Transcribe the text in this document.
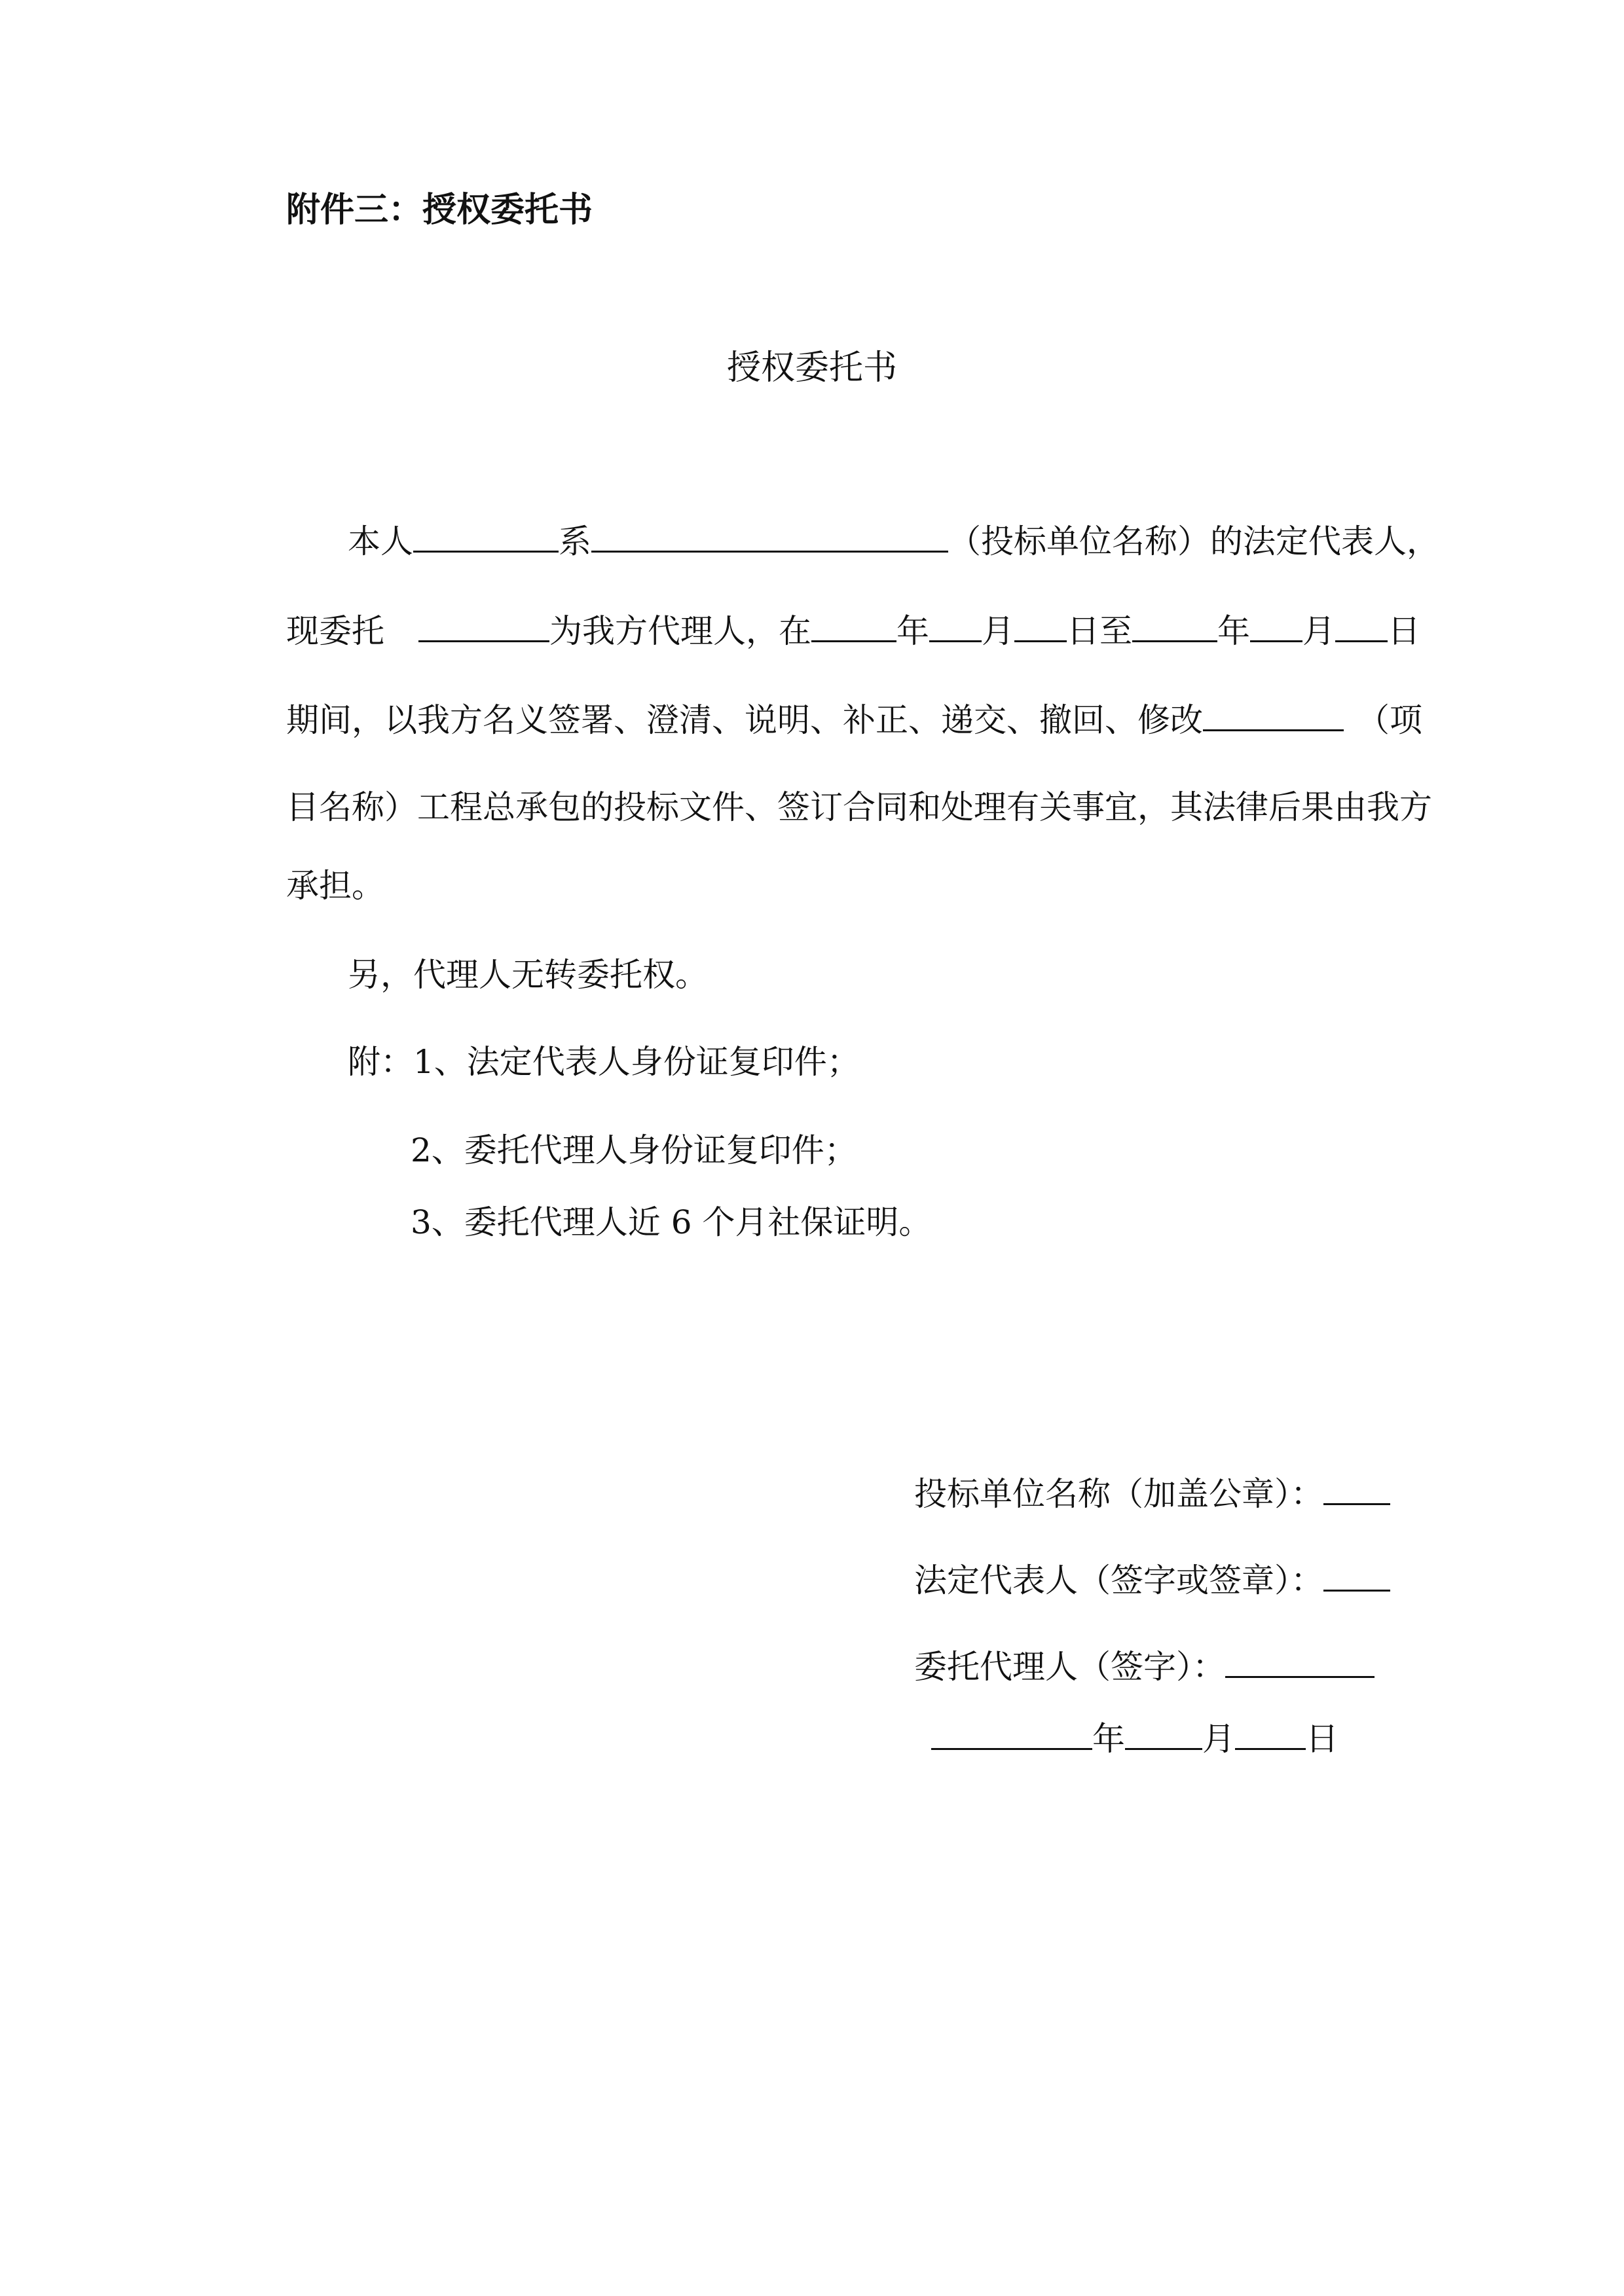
附件三：授权委托书
授权委托书
本人	系	（投标单位名称）的法定代表人，
现委托	为我方代理人，在	年 月 日至	年 月 日
期间，以我方名义签署、澄清、说明、补正、递交、撤回、修改	（项
目名称）工程总承包的投标文件、签订合同和处理有关事宜，其法律后果由我方
承担。
另，代理人无转委托权。
附：1、法定代表人身份证复印件；
2、委托代理人身份证复印件；
3、委托代理人近 6 个月社保证明。
投标单位名称（加盖公章）：
法定代表人（签字或签章）：
委托代理人（签字）：
年 月 日
